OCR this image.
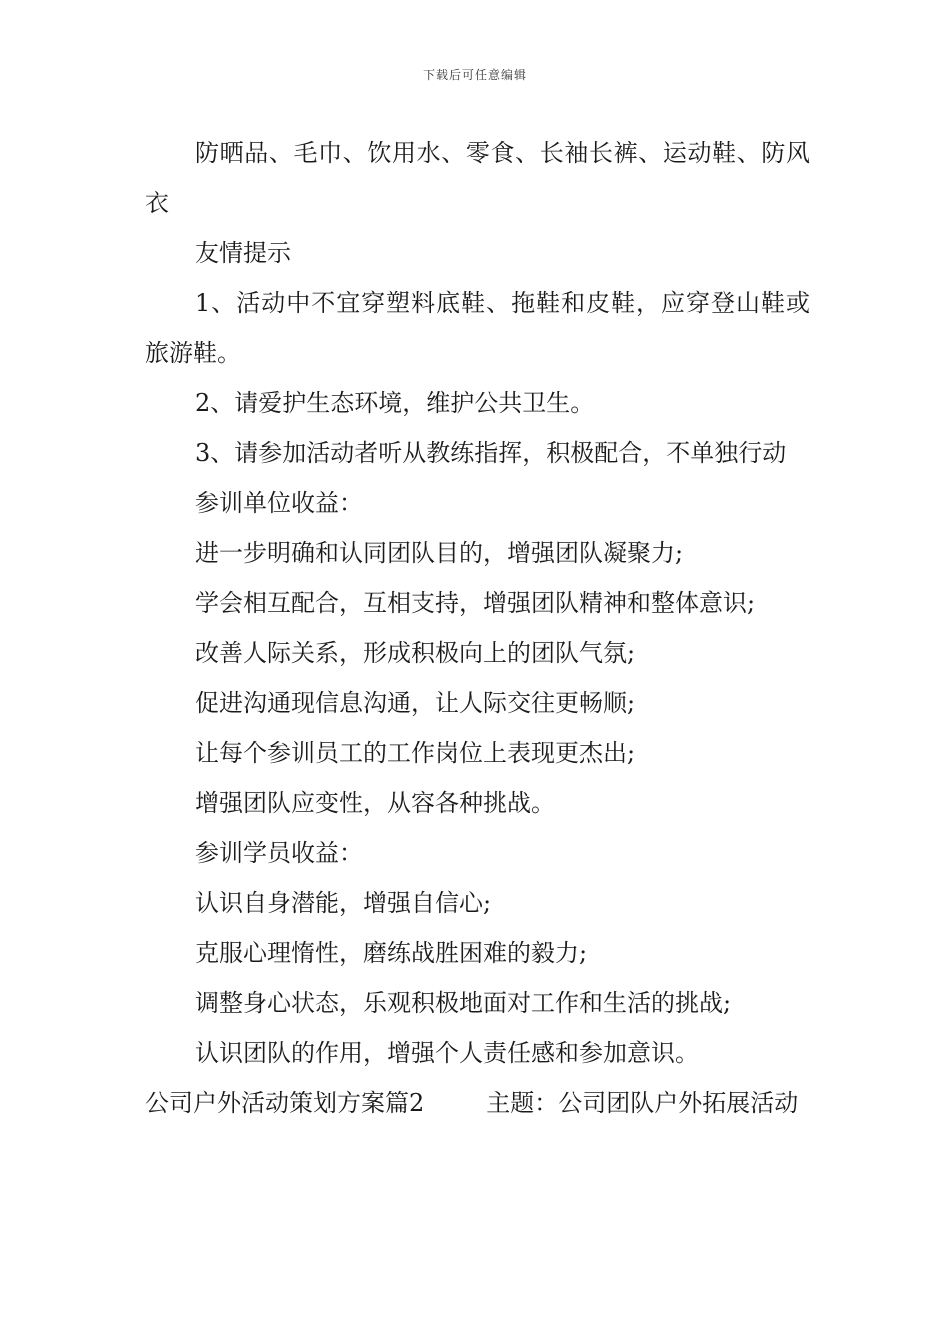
下载后可任意编辑

防晒品、毛巾、饮用水、零食、长袖长裤、运动鞋、防风衣

友情提示

1、活动中不宜穿塑料底鞋、拖鞋和皮鞋，应穿登山鞋或旅游鞋。

2、请爱护生态环境，维护公共卫生。

3、请参加活动者听从教练指挥，积极配合，不单独行动

参训单位收益：

进一步明确和认同团队目的，增强团队凝聚力;

学会相互配合，互相支持，增强团队精神和整体意识;

改善人际关系，形成积极向上的团队气氛;

促进沟通现信息沟通，让人际交往更畅顺;

让每个参训员工的工作岗位上表现更杰出;

增强团队应变性，从容各种挑战。

参训学员收益：

认识自身潜能，增强自信心;

克服心理惰性，磨练战胜困难的毅力;

调整身心状态，乐观积极地面对工作和生活的挑战;

认识团队的作用，增强个人责任感和参加意识。

公司户外活动策划方案篇2	主题：公司团队户外拓展活动
